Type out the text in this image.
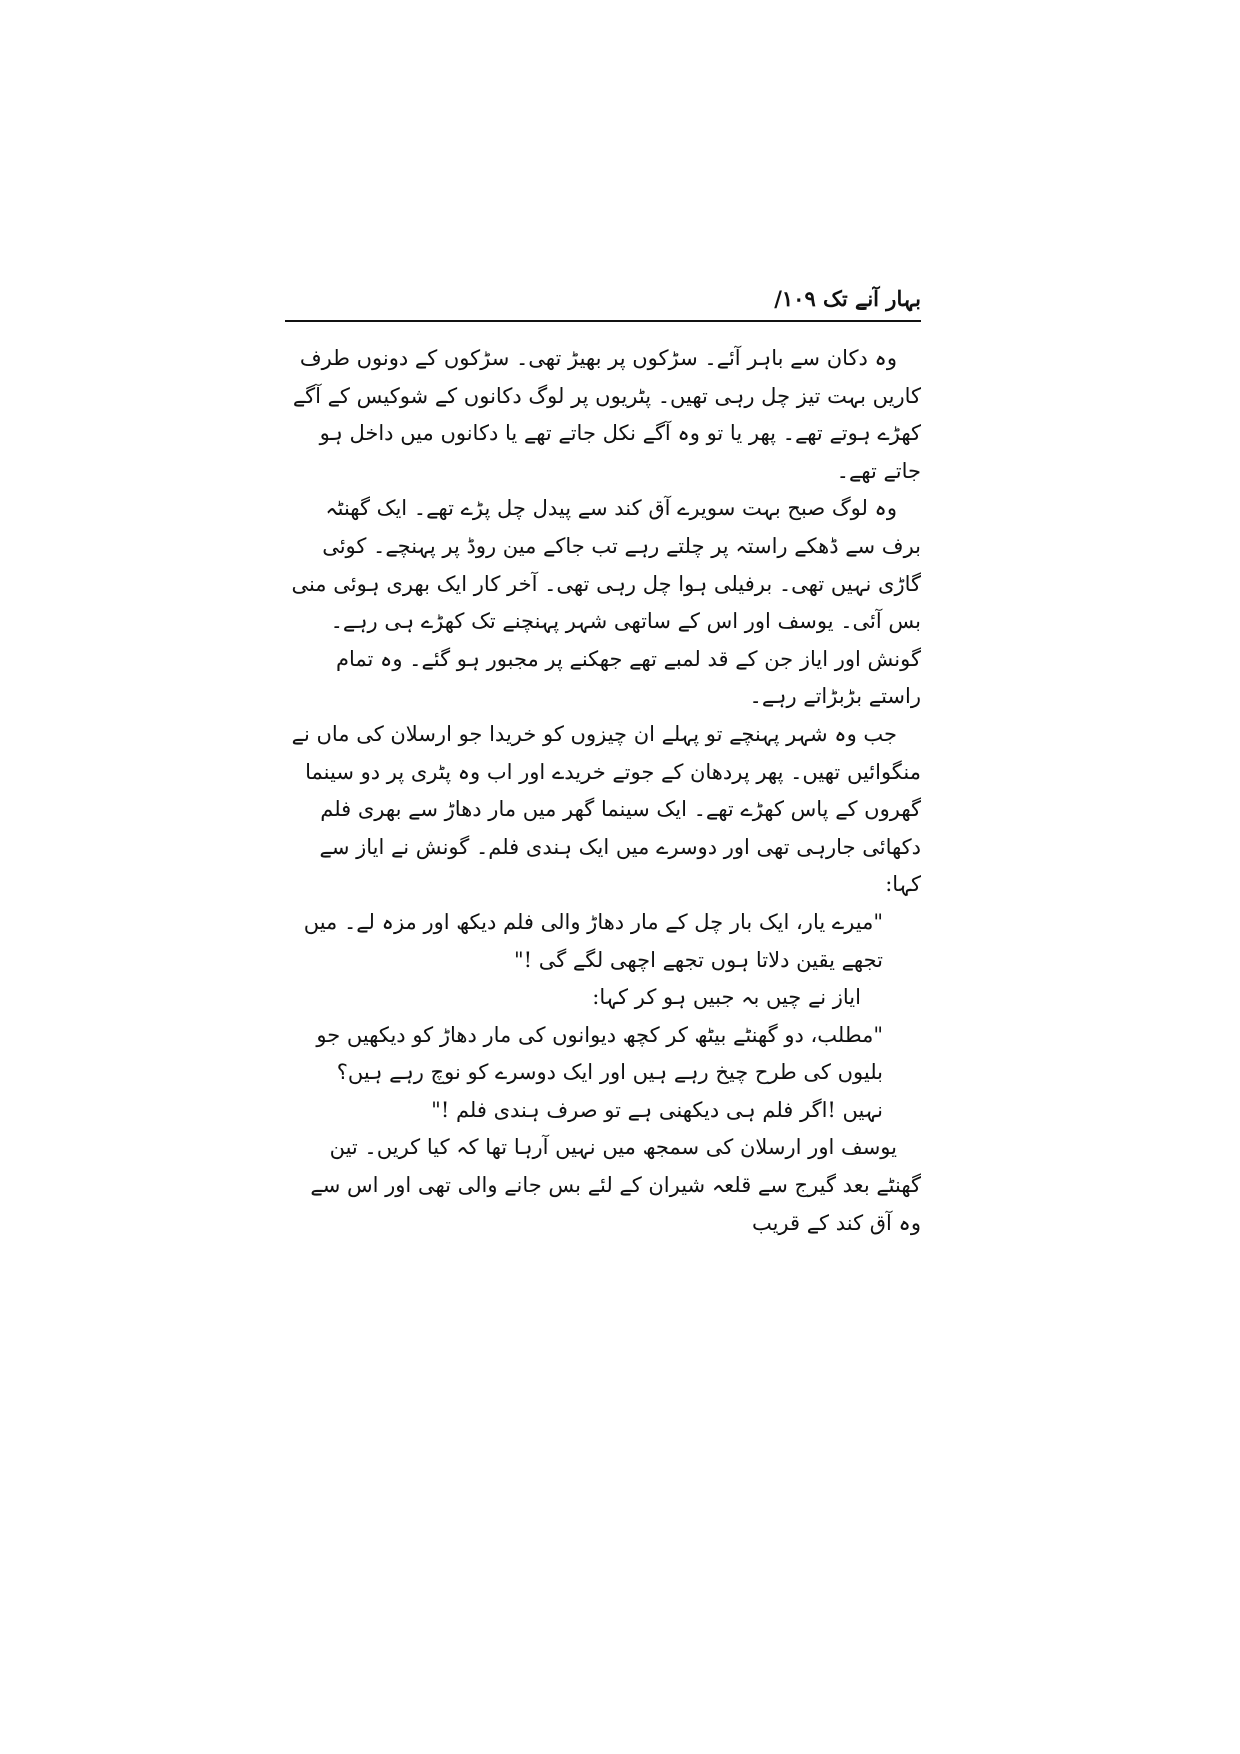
بہار آنے تک ۱۰۹/

وہ دکان سے باہر آئے۔ سڑکوں پر بھیڑ تھی۔ سڑکوں کے دونوں طرف کاریں بہت تیز چل رہی تھیں۔ پٹریوں پر لوگ دکانوں کے شوکیس کے آگے کھڑے ہوتے تھے۔ پھر یا تو وہ آگے نکل جاتے تھے یا دکانوں میں داخل ہو جاتے تھے۔

وہ لوگ صبح بہت سویرے آق کند سے پیدل چل پڑے تھے۔ ایک گھنٹہ برف سے ڈھکے راستہ پر چلتے رہے تب جاکے مین روڈ پر پہنچے۔ کوئی گاڑی نہیں تھی۔ برفیلی ہوا چل رہی تھی۔ آخر کار ایک بھری ہوئی منی بس آئی۔ یوسف اور اس کے ساتھی شہر پہنچنے تک کھڑے ہی رہے۔ گونش اور ایاز جن کے قد لمبے تھے جھکنے پر مجبور ہو گئے۔ وہ تمام راستے بڑبڑاتے رہے۔

جب وہ شہر پہنچے تو پہلے ان چیزوں کو خریدا جو ارسلان کی ماں نے منگوائیں تھیں۔ پھر پردھان کے جوتے خریدے اور اب وہ پٹری پر دو سینما گھروں کے پاس کھڑے تھے۔ ایک سینما گھر میں مار دھاڑ سے بھری فلم دکھائی جارہی تھی اور دوسرے میں ایک ہندی فلم۔ گونش نے ایاز سے کہا:

"میرے یار، ایک بار چل کے مار دھاڑ والی فلم دیکھ اور مزہ لے۔ میں تجھے یقین دلاتا ہوں تجھے اچھی لگے گی !"

ایاز نے چیں بہ جبیں ہو کر کہا:

"مطلب، دو گھنٹے بیٹھ کر کچھ دیوانوں کی مار دھاڑ کو دیکھیں جو بلیوں کی طرح چیخ رہے ہیں اور ایک دوسرے کو نوچ رہے ہیں؟ نہیں !اگر فلم ہی دیکھنی ہے تو صرف ہندی فلم !"

یوسف اور ارسلان کی سمجھ میں نہیں آرہا تھا کہ کیا کریں۔ تین گھنٹے بعد گیرج سے قلعہ شیران کے لئے بس جانے والی تھی اور اس سے وہ آق کند کے قریب
